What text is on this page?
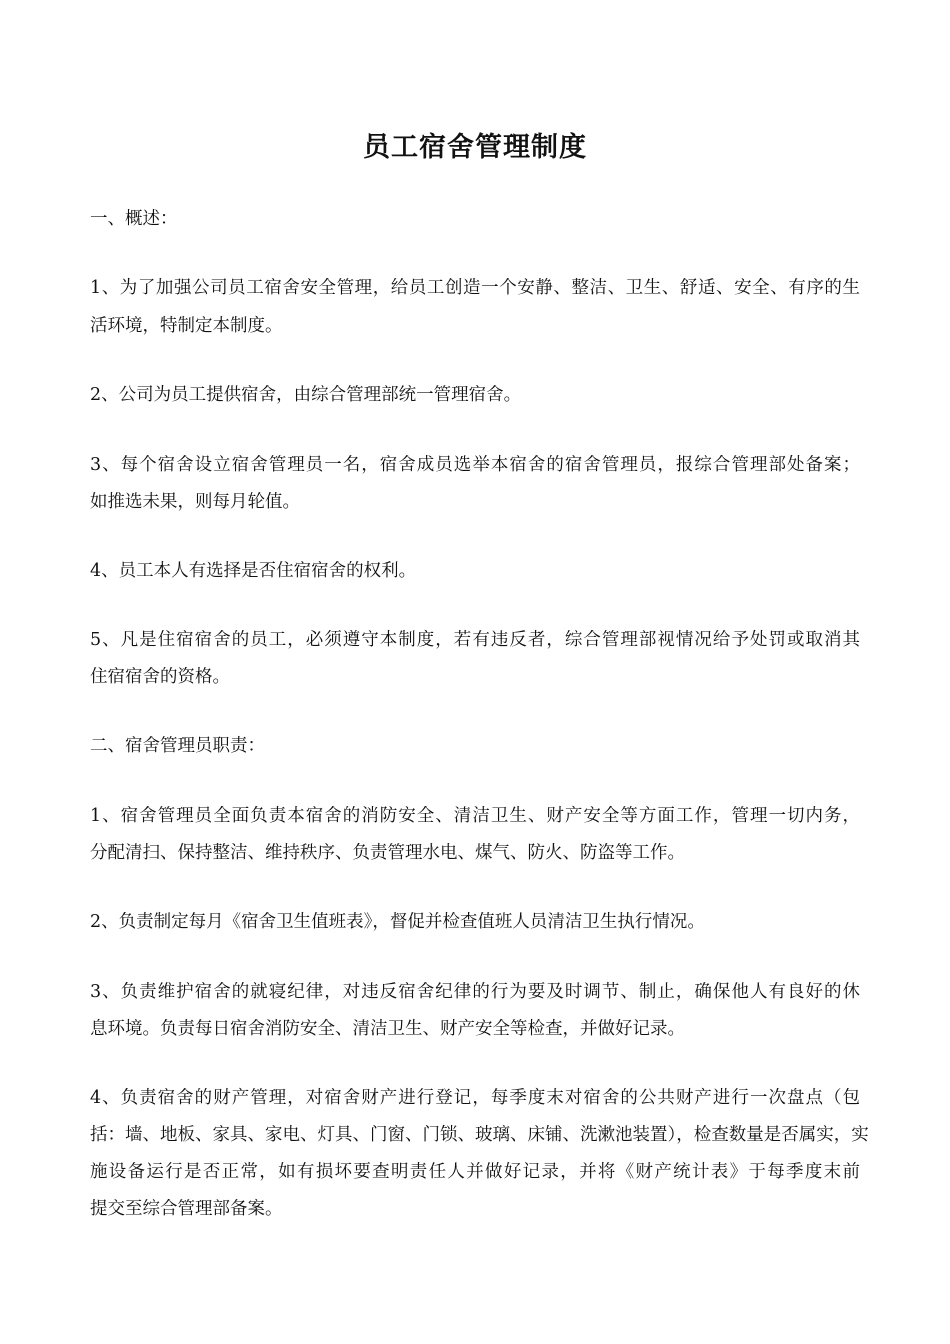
员工宿舍管理制度
一、概述：
1、为了加强公司员工宿舍安全管理，给员工创造一个安静、整洁、卫生、舒适、安全、有序的生
活环境，特制定本制度。
2、公司为员工提供宿舍，由综合管理部统一管理宿舍。
3、每个宿舍设立宿舍管理员一名，宿舍成员选举本宿舍的宿舍管理员，报综合管理部处备案；
如推选未果，则每月轮值。
4、员工本人有选择是否住宿宿舍的权利。
5、凡是住宿宿舍的员工，必须遵守本制度，若有违反者，综合管理部视情况给予处罚或取消其
住宿宿舍的资格。
二、宿舍管理员职责：
1、宿舍管理员全面负责本宿舍的消防安全、清洁卫生、财产安全等方面工作，管理一切内务，
分配清扫、保持整洁、维持秩序、负责管理水电、煤气、防火、防盗等工作。
2、负责制定每月《宿舍卫生值班表》，督促并检查值班人员清洁卫生执行情况。
3、负责维护宿舍的就寝纪律，对违反宿舍纪律的行为要及时调节、制止，确保他人有良好的休
息环境。负责每日宿舍消防安全、清洁卫生、财产安全等检查，并做好记录。
4、负责宿舍的财产管理，对宿舍财产进行登记，每季度末对宿舍的公共财产进行一次盘点（包
括：墙、地板、家具、家电、灯具、门窗、门锁、玻璃、床铺、洗漱池装置），检查数量是否属实，实
施设备运行是否正常，如有损坏要查明责任人并做好记录，并将《财产统计表》于每季度末前
提交至综合管理部备案。
